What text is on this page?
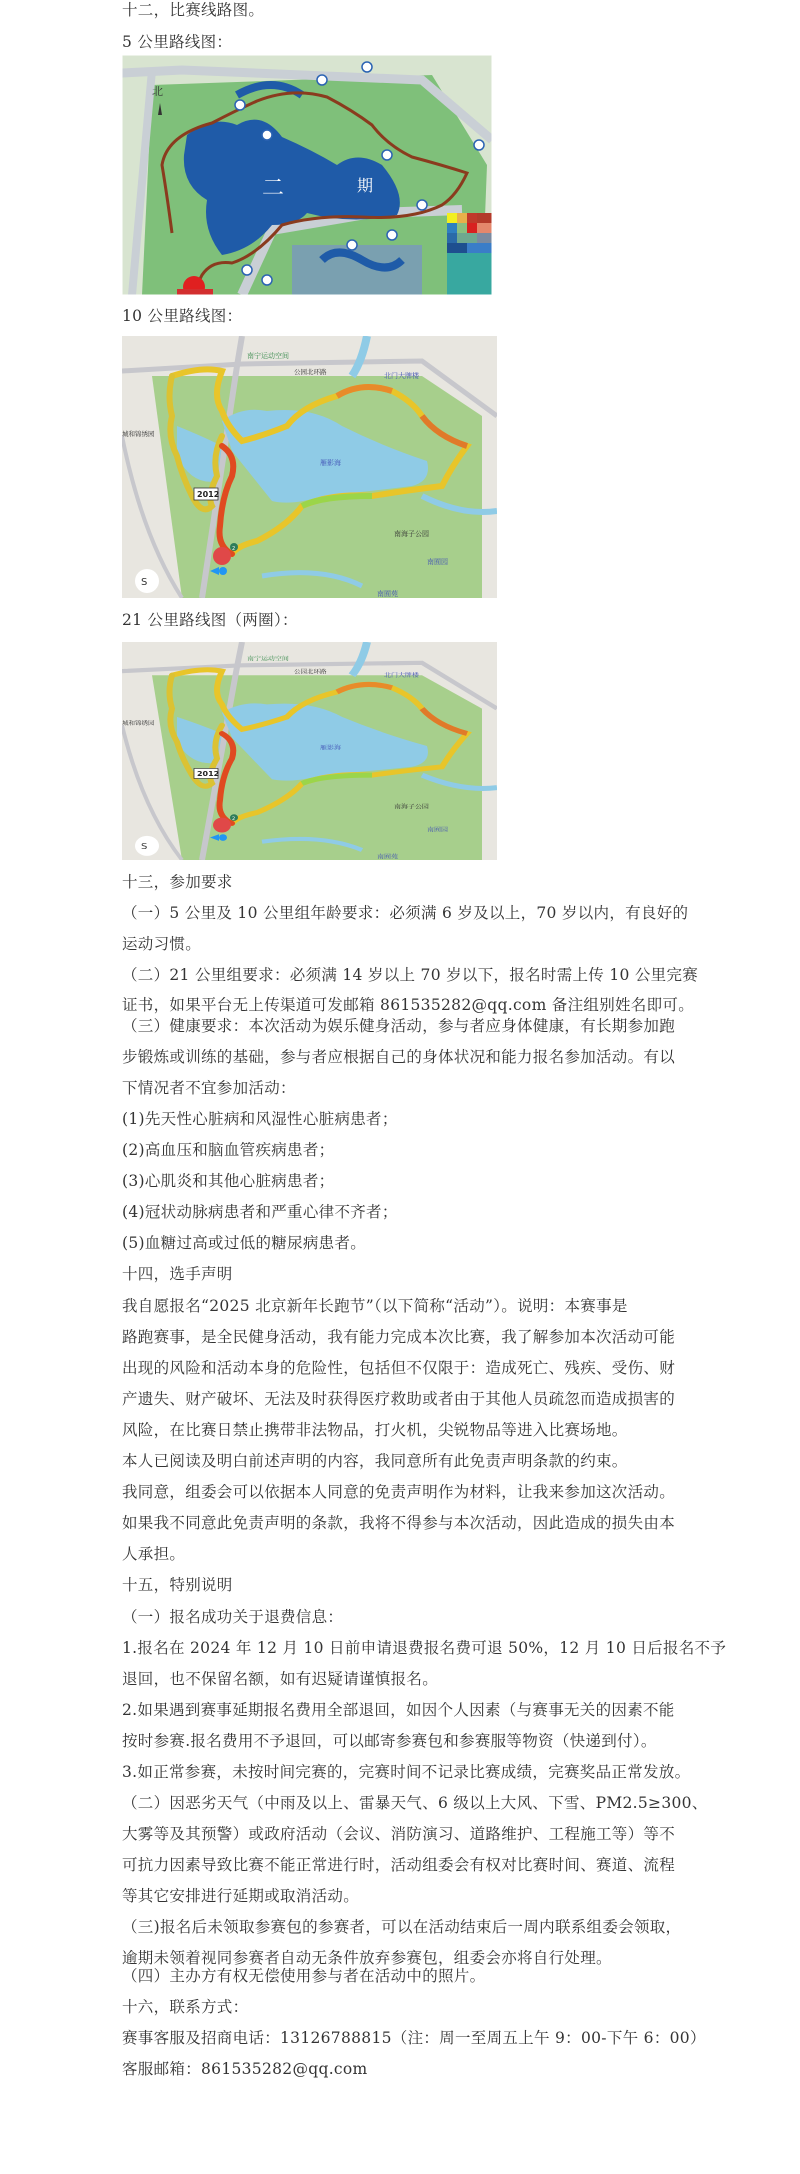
十二，比赛线路图。
5 公里路线图：
北
二	期
10 公里路线图：
2
2012
南宁运动空间
公园北环路	北门大牌楼
雁影海
城和锦绣园
南海子公园
南囿园
南囿苑
S
21 公里路线图（两圈）：
2
2012
南宁运动空间
公园北环路	北门大牌楼
雁影海
城和锦绣园
南海子公园
南囿园
南囿苑
S
十三，参加要求
（一）5 公里及 10 公里组年龄要求：必须满 6 岁及以上，70 岁以内，有良好的
运动习惯。
（二）21 公里组要求：必须满 14 岁以上 70 岁以下，报名时需上传 10 公里完赛
证书，如果平台无上传渠道可发邮箱 861535282@qq.com 备注组别姓名即可。
（三）健康要求：本次活动为娱乐健身活动，参与者应身体健康，有长期参加跑
步锻炼或训练的基础，参与者应根据自己的身体状况和能力报名参加活动。有以
下情况者不宜参加活动：
(1)先天性心脏病和风湿性心脏病患者；
(2)高血压和脑血管疾病患者；
(3)心肌炎和其他心脏病患者；
(4)冠状动脉病患者和严重心律不齐者；
(5)血糖过高或过低的糖尿病患者。
十四，选手声明
我自愿报名“2025 北京新年长跑节”（以下简称“活动”）。说明：本赛事是
路跑赛事，是全民健身活动，我有能力完成本次比赛，我了解参加本次活动可能
出现的风险和活动本身的危险性，包括但不仅限于：造成死亡、残疾、受伤、财
产遗失、财产破坏、无法及时获得医疗救助或者由于其他人员疏忽而造成损害的
风险，在比赛日禁止携带非法物品，打火机，尖锐物品等进入比赛场地。
本人已阅读及明白前述声明的内容，我同意所有此免责声明条款的约束。
我同意，组委会可以依据本人同意的免责声明作为材料，让我来参加这次活动。
如果我不同意此免责声明的条款，我将不得参与本次活动，因此造成的损失由本
人承担。
十五，特别说明
（一）报名成功关于退费信息：
1.报名在 2024 年 12 月 10 日前申请退费报名费可退 50%，12 月 10 日后报名不予
退回，也不保留名额，如有迟疑请谨慎报名。
2.如果遇到赛事延期报名费用全部退回，如因个人因素（与赛事无关的因素不能
按时参赛.报名费用不予退回，可以邮寄参赛包和参赛服等物资（快递到付）。
3.如正常参赛，未按时间完赛的，完赛时间不记录比赛成绩，完赛奖品正常发放。
（二）因恶劣天气（中雨及以上、雷暴天气、6 级以上大风、下雪、PM2.5≥300、
大雾等及其预警）或政府活动（会议、消防演习、道路维护、工程施工等）等不
可抗力因素导致比赛不能正常进行时，活动组委会有权对比赛时间、赛道、流程
等其它安排进行延期或取消活动。
（三)报名后未领取参赛包的参赛者，可以在活动结束后一周内联系组委会领取，
逾期未领着视同参赛者自动无条件放弃参赛包，组委会亦将自行处理。
（四）主办方有权无偿使用参与者在活动中的照片。
十六，联系方式：
赛事客服及招商电话：13126788815（注：周一至周五上午 9：00-下午 6：00）
客服邮箱：861535282@qq.com
